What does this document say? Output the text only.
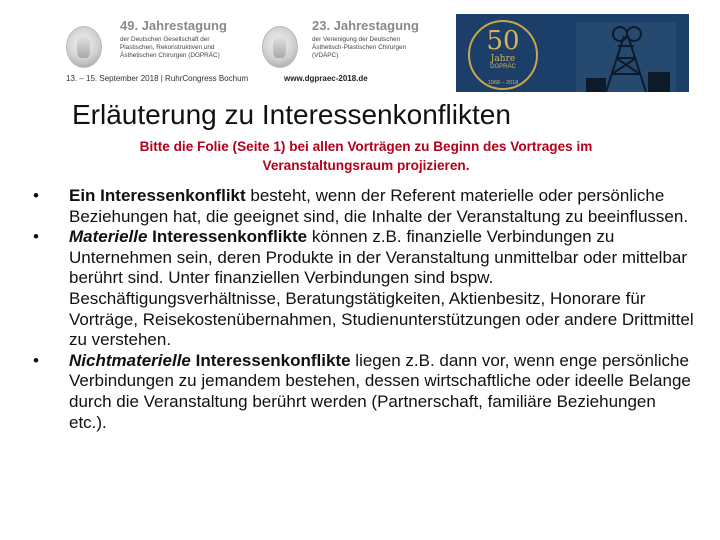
49. Jahrestagung
der Deutschen Gesellschaft der
Plastischen, Rekonstruktiven und
Ästhetischen Chirurgen (DGPRÄC)
13. – 15. September 2018 | RuhrCongress Bochum
23. Jahrestagung
der Vereinigung der Deutschen
Ästhetisch-Plastischen Chirurgen
(VDÄPC)
www.dgpraec-2018.de
50
Jahre
DGPRÄC
1968 – 2018
Erläuterung zu Interessenkonflikten
Bitte die Folie (Seite 1) bei allen Vorträgen zu Beginn des Vortrages im Veranstaltungsraum projizieren.
• Ein Interessenkonflikt besteht, wenn der Referent materielle oder persönliche Beziehungen hat, die geeignet sind, die Inhalte der Veranstaltung zu beeinflussen.
• Materielle Interessenkonflikte können z.B. finanzielle Verbindungen zu Unternehmen sein, deren Produkte in der Veranstaltung unmittelbar oder mittelbar berührt sind. Unter finanziellen Verbindungen sind bspw. Beschäftigungsverhältnisse, Beratungstätigkeiten, Aktienbesitz, Honorare für Vorträge, Reisekostenübernahmen, Studienunterstützungen oder andere Drittmittel zu verstehen.
• Nichtmaterielle Interessenkonflikte liegen z.B. dann vor, wenn enge persönliche Verbindungen zu jemandem bestehen, dessen wirtschaftliche oder ideelle Belange durch die Veranstaltung berührt werden (Partnerschaft, familiäre Beziehungen etc.).
